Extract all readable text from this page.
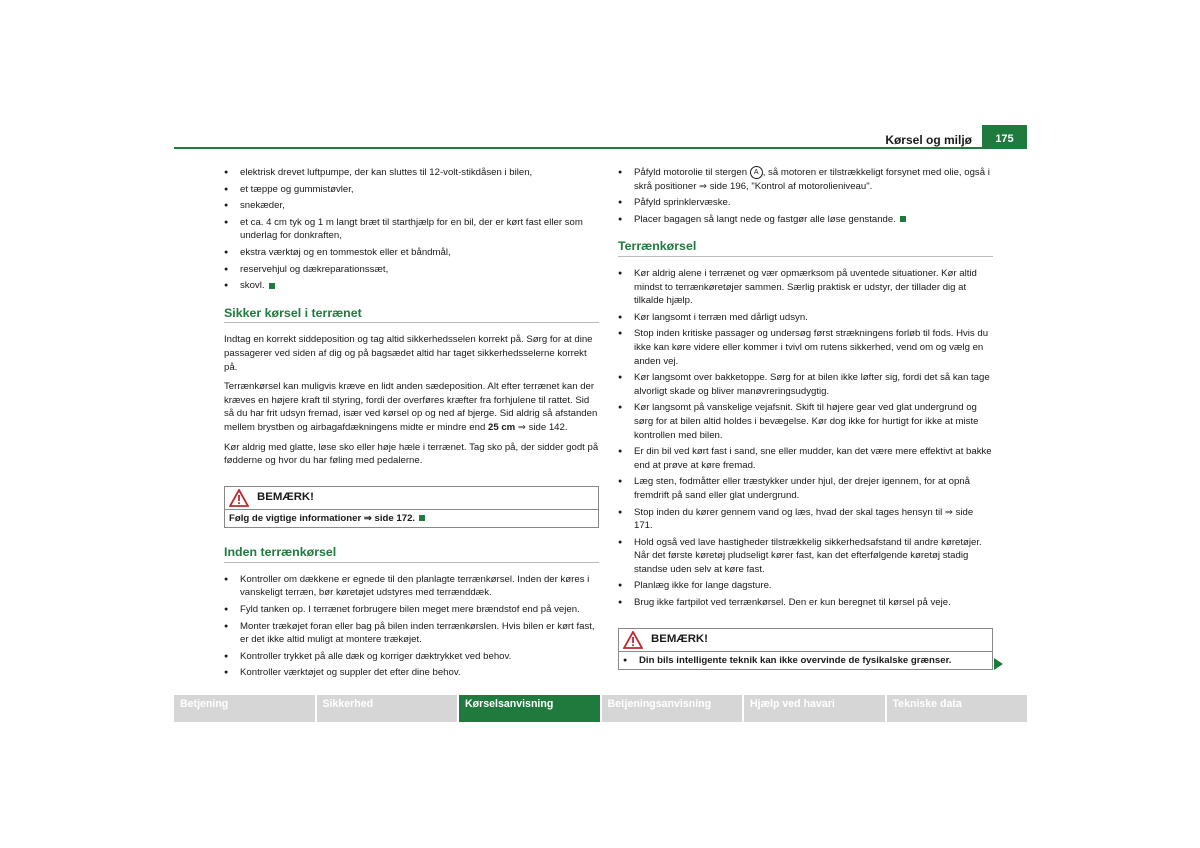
Kørsel og miljø	175
● elektrisk drevet luftpumpe, der kan sluttes til 12-volt-stikdåsen i bilen,
● et tæppe og gummistøvler,
● snekæder,
● et ca. 4 cm tyk og 1 m langt bræt til starthjælp for en bil, der er kørt fast eller som underlag for donkraften,
● ekstra værktøj og en tommestok eller et båndmål,
● reservehjul og dækreparationssæt,
● skovl.
Sikker kørsel i terrænet

Indtag en korrekt siddeposition og tag altid sikkerhedsselen korrekt på. Sørg for at dine passagerer ved siden af dig og på bagsædet altid har taget sikkerhedsselerne korrekt på.

Terrænkørsel kan muligvis kræve en lidt anden sædeposition. Alt efter terrænet kan der kræves en højere kraft til styring, fordi der overføres kræfter fra forhjulene til rattet. Sid så du har frit udsyn fremad, især ved kørsel op og ned af bjerge. Sid aldrig så afstanden mellem brystben og airbagafdækningens midte er mindre end 25 cm ⇒ side 142.

Kør aldrig med glatte, løse sko eller høje hæle i terrænet. Tag sko på, der sidder godt på fødderne og hvor du har føling med pedalerne.

BEMÆRK!
Følg de vigtige informationer ⇒ side 172.
Inden terrænkørsel
● Kontroller om dækkene er egnede til den planlagte terrænkørsel. Inden der køres i vanskeligt terræn, bør køretøjet udstyres med terrænddæk.
● Fyld tanken op. I terrænet forbrugere bilen meget mere brændstof end på vejen.
● Monter trækøjet foran eller bag på bilen inden terrænkørslen. Hvis bilen er kørt fast, er det ikke altid muligt at montere trækøjet.
● Kontroller trykket på alle dæk og korriger dæktrykket ved behov.
● Kontroller værktøjet og suppler det efter dine behov.
● Påfyld motorolie til stergen A , så motoren er tilstrækkeligt forsynet med olie, også i skrå positioner ⇒ side 196, "Kontrol af motorolieniveau".
● Påfyld sprinklervæske.
● Placer bagagen så langt nede og fastgør alle løse genstande.
Terrænkørsel
● Kør aldrig alene i terrænet og vær opmærksom på uventede situationer. Kør altid mindst to terrænkøretøjer sammen. Særlig praktisk er udstyr, der tillader dig at tilkalde hjælp.
● Kør langsomt i terræn med dårligt udsyn.
● Stop inden kritiske passager og undersøg først strækningens forløb til fods. Hvis du ikke kan køre videre eller kommer i tvivl om rutens sikkerhed, vend om og vælg en anden vej.
● Kør langsomt over bakketoppe. Sørg for at bilen ikke løfter sig, fordi det så kan tage alvorligt skade og bliver manøvreringsudygtig.
● Kør langsomt på vanskelige vejafsnit. Skift til højere gear ved glat undergrund og sørg for at bilen altid holdes i bevægelse. Kør dog ikke for hurtigt for ikke at miste kontrollen med bilen.
● Er din bil ved kørt fast i sand, sne eller mudder, kan det være mere effektivt at bakke end at prøve at køre fremad.
● Læg sten, fodmåtter eller træstykker under hjul, der drejer igennem, for at opnå fremdrift på sand eller glat undergrund.
● Stop inden du kører gennem vand og læs, hvad der skal tages hensyn til ⇒ side 171.
● Hold også ved lave hastigheder tilstrækkelig sikkerhedsafstand til andre køretøjer. Når det første køretøj pludseligt kører fast, kan det efterfølgende køretøj stadig standse uden selv at køre fast.
● Planlæg ikke for lange dagsture.
● Brug ikke fartpilot ved terrænkørsel. Den er kun beregnet til kørsel på veje.
BEMÆRK!
● Din bils intelligente teknik kan ikke overvinde de fysikalske grænser.
Betjening	Sikkerhed	Kørselsanvisning	Betjeningsanvisning	Hjælp ved havari	Tekniske data
